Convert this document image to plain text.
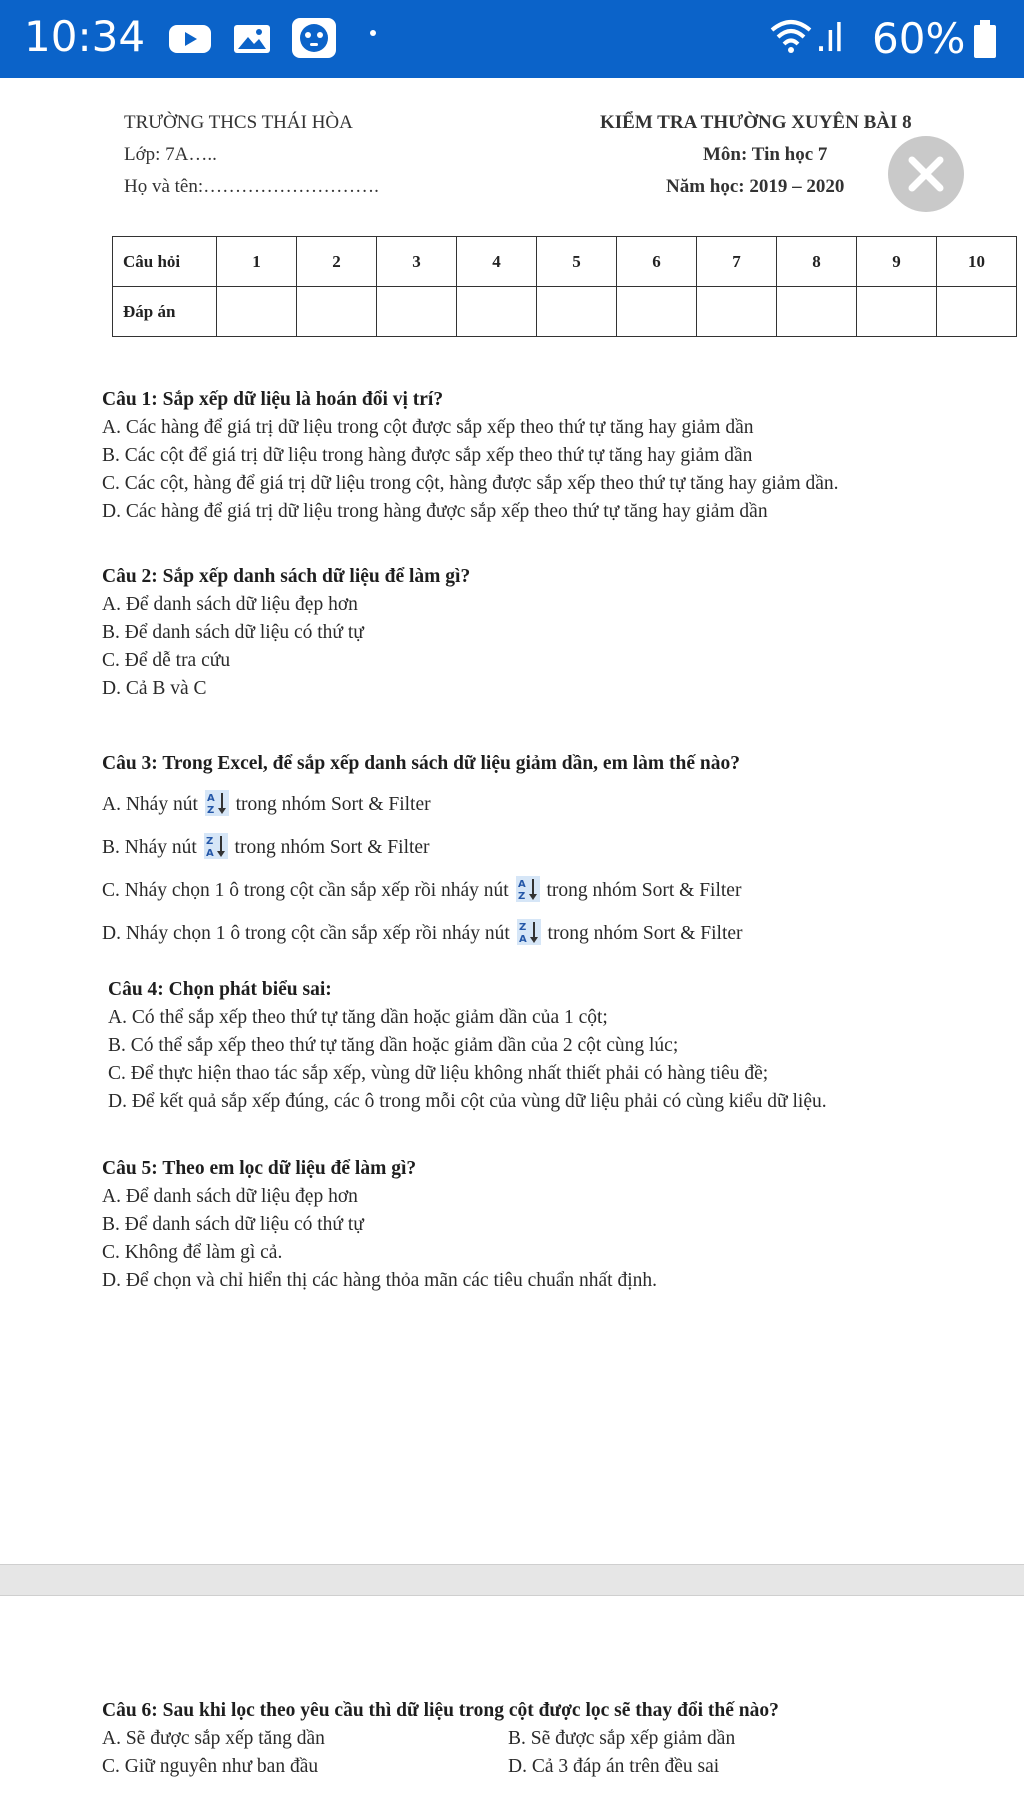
10:34	.ıl 60%
TRƯỜNG THCS THÁI HÒA	KIỂM TRA THƯỜNG XUYÊN BÀI 8
Lớp: 7A…..	Môn: Tin học 7
Họ và tên:……………………….	Năm học: 2019 – 2020
Câu hỏi	1	2	3	4	5	6	7	8	9	10
Đáp án										
Câu 1: Sắp xếp dữ liệu là hoán đổi vị trí?
A. Các hàng để giá trị dữ liệu trong cột được sắp xếp theo thứ tự tăng hay giảm dần
B. Các cột để giá trị dữ liệu trong hàng được sắp xếp theo thứ tự tăng hay giảm dần
C. Các cột, hàng để giá trị dữ liệu trong cột, hàng được sắp xếp theo thứ tự tăng hay giảm dần.
D. Các hàng để giá trị dữ liệu trong hàng được sắp xếp theo thứ tự tăng hay giảm dần
Câu 2: Sắp xếp danh sách dữ liệu để làm gì?
A. Để danh sách dữ liệu đẹp hơn
B. Để danh sách dữ liệu có thứ tự
C. Để dễ tra cứu
D. Cả B và C
Câu 3: Trong Excel, để sắp xếp danh sách dữ liệu giảm dần, em làm thế nào?
A. Nháy nút A
Z trong nhóm Sort & Filter
B. Nháy nút Z
A trong nhóm Sort & Filter
C. Nháy chọn 1 ô trong cột cần sắp xếp rồi nháy nút A
Z trong nhóm Sort & Filter
D. Nháy chọn 1 ô trong cột cần sắp xếp rồi nháy nút Z
A trong nhóm Sort & Filter
Câu 4: Chọn phát biểu sai:
A. Có thể sắp xếp theo thứ tự tăng dần hoặc giảm dần của 1 cột;
B. Có thể sắp xếp theo thứ tự tăng dần hoặc giảm dần của 2 cột cùng lúc;
C. Để thực hiện thao tác sắp xếp, vùng dữ liệu không nhất thiết phải có hàng tiêu đề;
D. Để kết quả sắp xếp đúng, các ô trong mỗi cột của vùng dữ liệu phải có cùng kiểu dữ liệu.
Câu 5: Theo em lọc dữ liệu để làm gì?
A. Để danh sách dữ liệu đẹp hơn
B. Để danh sách dữ liệu có thứ tự
C. Không để làm gì cả.
D. Để chọn và chỉ hiển thị các hàng thỏa mãn các tiêu chuẩn nhất định.
Câu 6: Sau khi lọc theo yêu cầu thì dữ liệu trong cột được lọc sẽ thay đổi thế nào?
A. Sẽ được sắp xếp tăng dần	B. Sẽ được sắp xếp giảm dần
C. Giữ nguyên như ban đầu	D. Cả 3 đáp án trên đều sai
